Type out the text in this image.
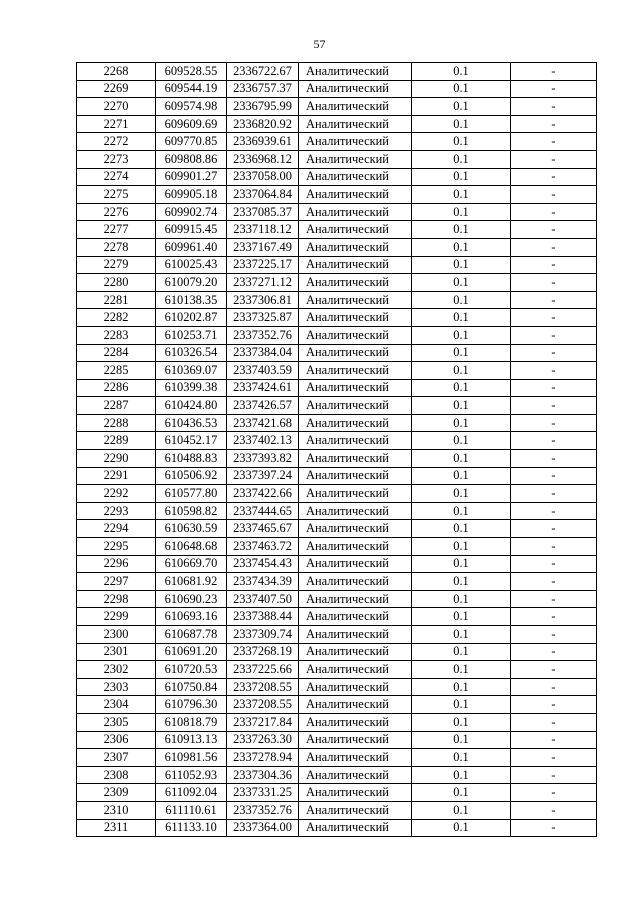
57
2268	609528.55	2336722.67	Аналитический	0.1	-
2269	609544.19	2336757.37	Аналитический	0.1	-
2270	609574.98	2336795.99	Аналитический	0.1	-
2271	609609.69	2336820.92	Аналитический	0.1	-
2272	609770.85	2336939.61	Аналитический	0.1	-
2273	609808.86	2336968.12	Аналитический	0.1	-
2274	609901.27	2337058.00	Аналитический	0.1	-
2275	609905.18	2337064.84	Аналитический	0.1	-
2276	609902.74	2337085.37	Аналитический	0.1	-
2277	609915.45	2337118.12	Аналитический	0.1	-
2278	609961.40	2337167.49	Аналитический	0.1	-
2279	610025.43	2337225.17	Аналитический	0.1	-
2280	610079.20	2337271.12	Аналитический	0.1	-
2281	610138.35	2337306.81	Аналитический	0.1	-
2282	610202.87	2337325.87	Аналитический	0.1	-
2283	610253.71	2337352.76	Аналитический	0.1	-
2284	610326.54	2337384.04	Аналитический	0.1	-
2285	610369.07	2337403.59	Аналитический	0.1	-
2286	610399.38	2337424.61	Аналитический	0.1	-
2287	610424.80	2337426.57	Аналитический	0.1	-
2288	610436.53	2337421.68	Аналитический	0.1	-
2289	610452.17	2337402.13	Аналитический	0.1	-
2290	610488.83	2337393.82	Аналитический	0.1	-
2291	610506.92	2337397.24	Аналитический	0.1	-
2292	610577.80	2337422.66	Аналитический	0.1	-
2293	610598.82	2337444.65	Аналитический	0.1	-
2294	610630.59	2337465.67	Аналитический	0.1	-
2295	610648.68	2337463.72	Аналитический	0.1	-
2296	610669.70	2337454.43	Аналитический	0.1	-
2297	610681.92	2337434.39	Аналитический	0.1	-
2298	610690.23	2337407.50	Аналитический	0.1	-
2299	610693.16	2337388.44	Аналитический	0.1	-
2300	610687.78	2337309.74	Аналитический	0.1	-
2301	610691.20	2337268.19	Аналитический	0.1	-
2302	610720.53	2337225.66	Аналитический	0.1	-
2303	610750.84	2337208.55	Аналитический	0.1	-
2304	610796.30	2337208.55	Аналитический	0.1	-
2305	610818.79	2337217.84	Аналитический	0.1	-
2306	610913.13	2337263.30	Аналитический	0.1	-
2307	610981.56	2337278.94	Аналитический	0.1	-
2308	611052.93	2337304.36	Аналитический	0.1	-
2309	611092.04	2337331.25	Аналитический	0.1	-
2310	611110.61	2337352.76	Аналитический	0.1	-
2311	611133.10	2337364.00	Аналитический	0.1	-
